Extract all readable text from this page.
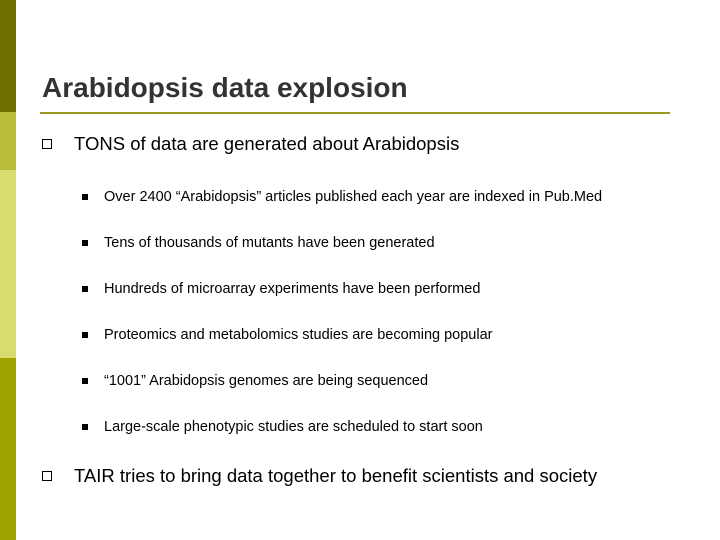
Arabidopsis data explosion
TONS of data are generated about Arabidopsis
Over 2400 “Arabidopsis” articles published each year are indexed in Pub.Med
Tens of thousands of mutants have been generated
Hundreds of microarray experiments have been performed
Proteomics and metabolomics studies are becoming popular
“1001” Arabidopsis genomes are being sequenced
Large-scale phenotypic studies are scheduled to start soon
TAIR tries to bring data together to benefit scientists and society
